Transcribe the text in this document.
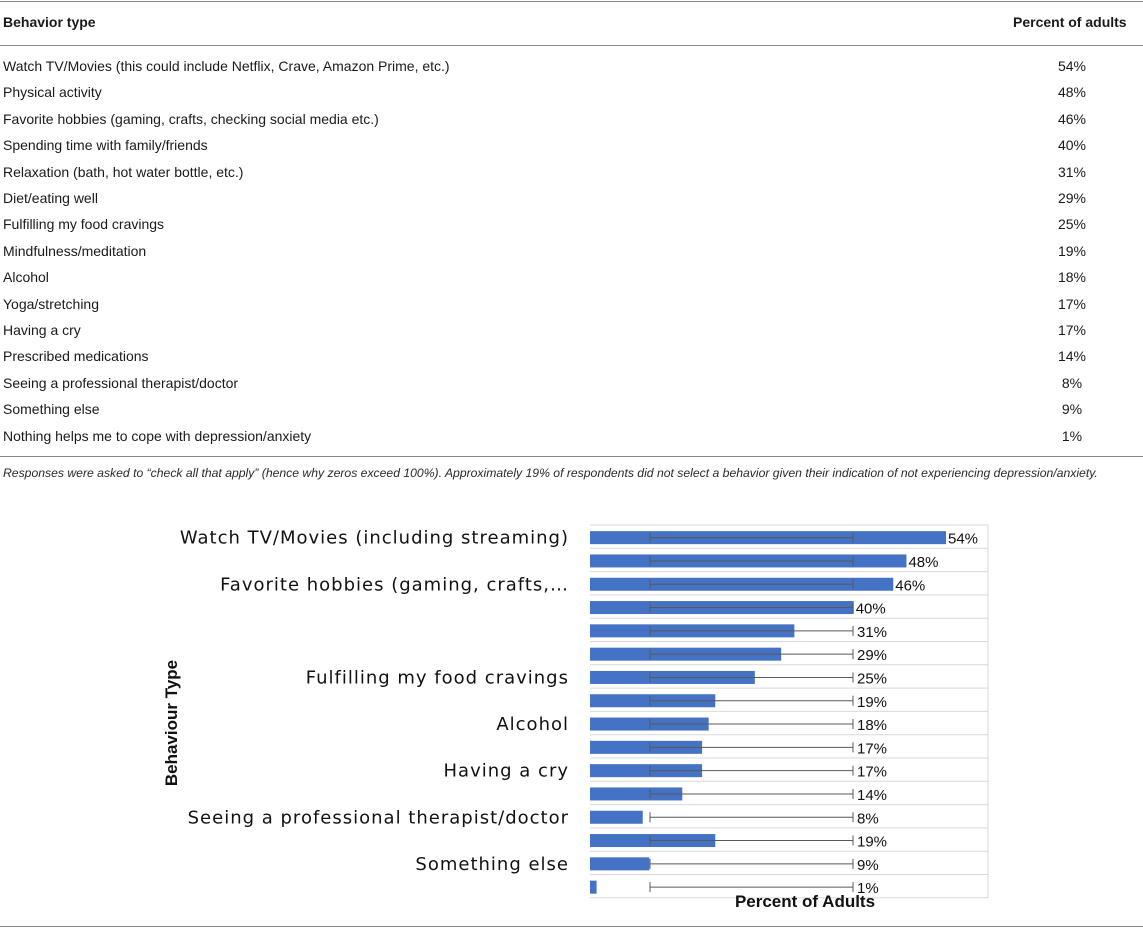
Behavior type	Percent of adults
Watch TV/Movies (this could include Netflix, Crave, Amazon Prime, etc.)	54%
Physical activity	48%
Favorite hobbies (gaming, crafts, checking social media etc.)	46%
Spending time with family/friends	40%
Relaxation (bath, hot water bottle, etc.)	31%
Diet/eating well	29%
Fulfilling my food cravings	25%
Mindfulness/meditation	19%
Alcohol	18%
Yoga/stretching	17%
Having a cry	17%
Prescribed medications	14%
Seeing a professional therapist/doctor	8%
Something else	9%
Nothing helps me to cope with depression/anxiety	1%
Responses were asked to “check all that apply” (hence why zeros exceed 100%). Approximately 19% of respondents did not select a behavior given their indication of not experiencing depression/anxiety.
54%
Watch TV/Movies (including streaming)
48%
46%
Favorite hobbies (gaming, crafts,…
40%
31%
29%
25%
Fulfilling my food cravings
19%
18%
Alcohol
17%
17%
Having a cry
14%
8%
Seeing a professional therapist/doctor
19%
9%
Something else
1%
Percent of Adults
Behaviour Type
